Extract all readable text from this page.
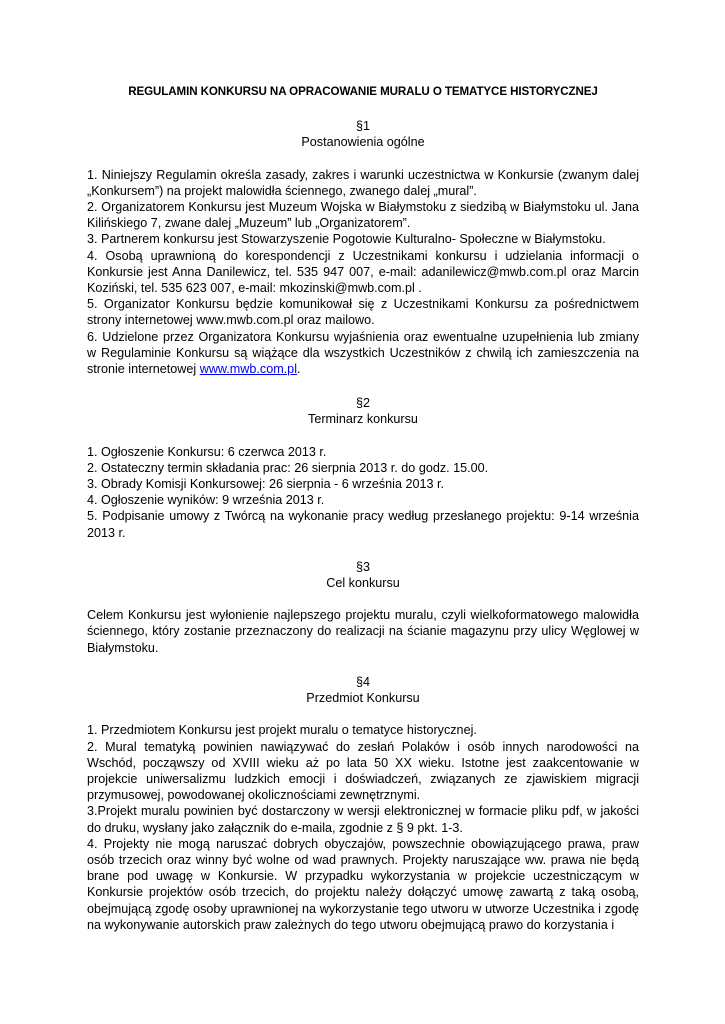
REGULAMIN KONKURSU NA OPRACOWANIE MURALU O TEMATYCE HISTORYCZNEJ

§1

Postanowienia ogólne

1. Niniejszy Regulamin określa zasady, zakres i warunki uczestnictwa w Konkursie (zwanym dalej „Konkursem”) na projekt malowidła ściennego, zwanego dalej „mural”.

2. Organizatorem Konkursu jest Muzeum Wojska w Białymstoku z siedzibą w Białymstoku ul. Jana Kilińskiego 7, zwane dalej „Muzeum” lub „Organizatorem”.

3. Partnerem konkursu jest Stowarzyszenie Pogotowie Kulturalno- Społeczne w Białymstoku.

4. Osobą uprawnioną do korespondencji z Uczestnikami konkursu i udzielania informacji o Konkursie jest Anna Danilewicz, tel. 535 947 007, e-mail: adanilewicz@mwb.com.pl oraz Marcin Koziński, tel. 535 623 007, e-mail: mkozinski@mwb.com.pl .

5. Organizator Konkursu będzie komunikował się z Uczestnikami Konkursu za pośrednictwem strony internetowej www.mwb.com.pl oraz mailowo.

6. Udzielone przez Organizatora Konkursu wyjaśnienia oraz ewentualne uzupełnienia lub zmiany w Regulaminie Konkursu są wiążące dla wszystkich Uczestników z chwilą ich zamieszczenia na stronie internetowej www.mwb.com.pl.

§2

Terminarz konkursu

1. Ogłoszenie Konkursu: 6 czerwca 2013 r.

2. Ostateczny termin składania prac: 26 sierpnia 2013 r. do godz. 15.00.

3. Obrady Komisji Konkursowej: 26 sierpnia - 6 września 2013 r.

4. Ogłoszenie wyników: 9 września 2013 r.

5. Podpisanie umowy z Twórcą na wykonanie pracy według przesłanego projektu: 9-14 września 2013 r.

§3

Cel konkursu

Celem Konkursu jest wyłonienie najlepszego projektu muralu, czyli wielkoformatowego malowidła ściennego, który zostanie przeznaczony do realizacji na ścianie magazynu przy ulicy Węglowej w Białymstoku.

§4

Przedmiot Konkursu

1. Przedmiotem Konkursu jest projekt muralu o tematyce historycznej.

2. Mural tematyką powinien nawiązywać do zesłań Polaków i osób innych narodowości na Wschód, począwszy od XVIII wieku aż po lata 50 XX wieku. Istotne jest zaakcentowanie w projekcie uniwersalizmu ludzkich emocji i doświadczeń, związanych ze zjawiskiem migracji przymusowej, powodowanej okolicznościami zewnętrznymi.

3.Projekt muralu powinien być dostarczony w wersji elektronicznej w formacie pliku pdf, w jakości do druku, wysłany jako załącznik do e-maila, zgodnie z § 9 pkt. 1-3.

4. Projekty nie mogą naruszać dobrych obyczajów, powszechnie obowiązującego prawa, praw osób trzecich oraz winny być wolne od wad prawnych. Projekty naruszające ww. prawa nie będą brane pod uwagę w Konkursie. W przypadku wykorzystania w projekcie uczestniczącym w Konkursie projektów osób trzecich, do projektu należy dołączyć umowę zawartą z taką osobą, obejmującą zgodę osoby uprawnionej na wykorzystanie tego utworu w utworze Uczestnika i zgodę na wykonywanie autorskich praw zależnych do tego utworu obejmującą prawo do korzystania i
